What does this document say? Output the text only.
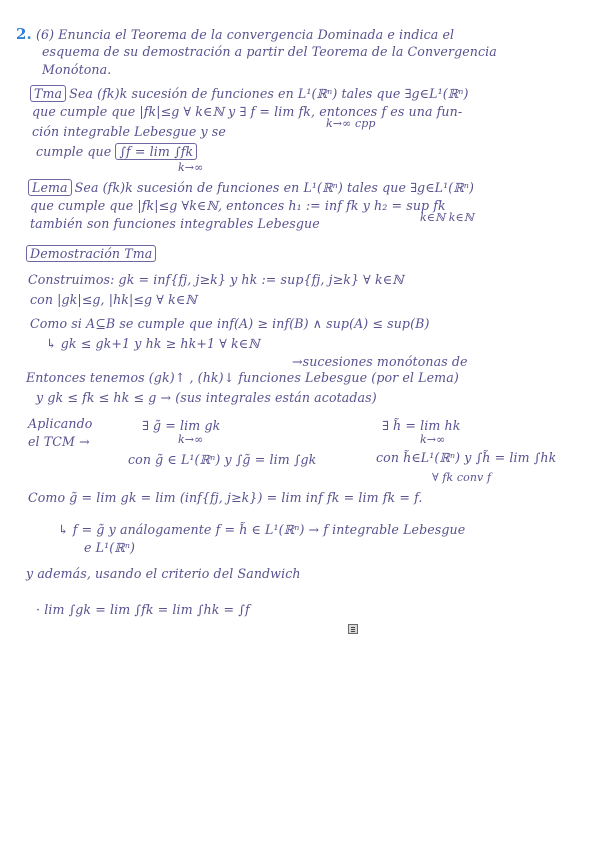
2. (6) Enuncia el Teorema de la convergencia Dominada e indica el
esquema de su demostración a partir del Teorema de la Convergencia
Monótona.
Tma Sea (fk)k sucesión de funciones en L¹(ℝⁿ) tales que ∃g∈L¹(ℝⁿ)
que cumple que |fk|≤g ∀ k∈ℕ y ∃ f = lim fk, entonces f es una fun-
k→∞ cpp
ción integrable Lebesgue y se
cumple que ∫f = lim ∫fk
k→∞
Lema Sea (fk)k sucesión de funciones en L¹(ℝⁿ) tales que ∃g∈L¹(ℝⁿ)
que cumple que |fk|≤g ∀k∈ℕ, entonces h₁ := inf fk y h₂ = sup fk
k∈ℕ k∈ℕ
también son funciones integrables Lebesgue
Demostración Tma
Construimos: gk = inf{fj, j≥k} y hk := sup{fj, j≥k} ∀ k∈ℕ
con |gk|≤g, |hk|≤g ∀ k∈ℕ
Como si A⊆B se cumple que inf(A) ≥ inf(B) ∧ sup(A) ≤ sup(B)
↳ gk ≤ gk+1 y hk ≥ hk+1 ∀ k∈ℕ
→sucesiones monótonas de
Entonces tenemos (gk)↑ , (hk)↓ funciones Lebesgue (por el Lema)
y gk ≤ fk ≤ hk ≤ g → (sus integrales están acotadas)
Aplicando	∃ g̃ = lim gk	∃ h̃ = lim hk
el TCM →	k→∞	k→∞
con g̃ ∈ L¹(ℝⁿ) y ∫g̃ = lim ∫gk	con h̃∈L¹(ℝⁿ) y ∫h̃ = lim ∫hk
∀ fk conv f
Como g̃ = lim gk = lim (inf{fj, j≥k}) = lim inf fk = lim fk = f.
↳ f = g̃ y análogamente f = h̃ ∈ L¹(ℝⁿ) → f integrable Lebesgue
e L¹(ℝⁿ)
y además, usando el criterio del Sandwich
· lim ∫gk = lim ∫fk = lim ∫hk = ∫f
